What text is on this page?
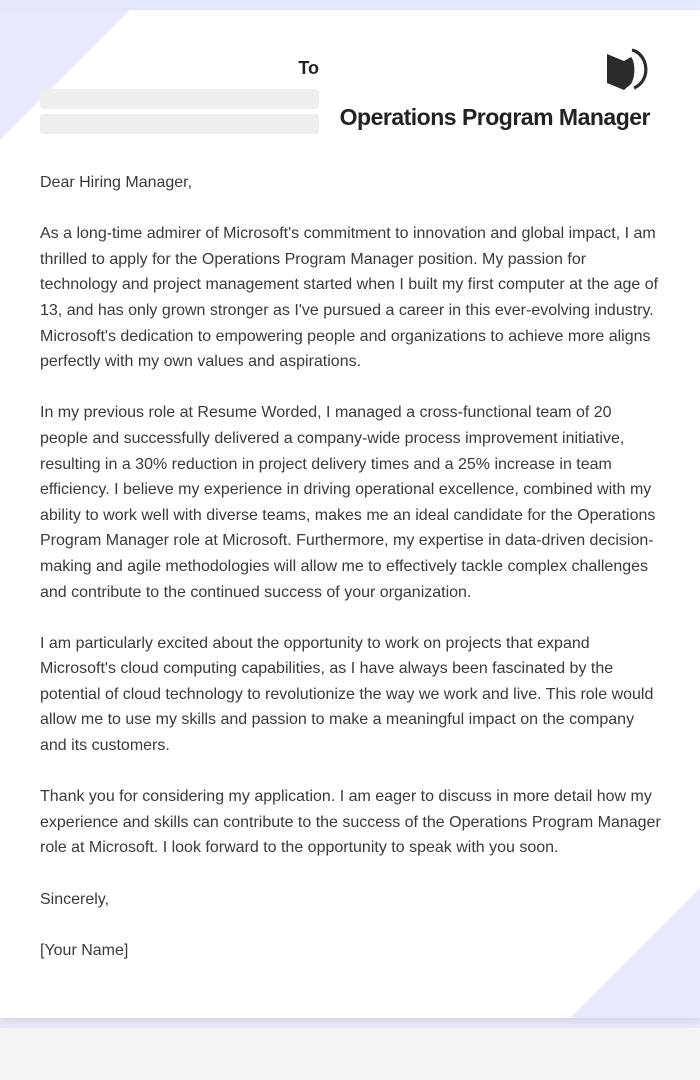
To
Operations Program Manager

Dear Hiring Manager,

As a long-time admirer of Microsoft's commitment to innovation and global impact, I am thrilled to apply for the Operations Program Manager position. My passion for technology and project management started when I built my first computer at the age of 13, and has only grown stronger as I've pursued a career in this ever-evolving industry. Microsoft's dedication to empowering people and organizations to achieve more aligns perfectly with my own values and aspirations.

In my previous role at Resume Worded, I managed a cross-functional team of 20 people and successfully delivered a company-wide process improvement initiative, resulting in a 30% reduction in project delivery times and a 25% increase in team efficiency. I believe my experience in driving operational excellence, combined with my ability to work well with diverse teams, makes me an ideal candidate for the Operations Program Manager role at Microsoft. Furthermore, my expertise in data-driven decision-making and agile methodologies will allow me to effectively tackle complex challenges and contribute to the continued success of your organization.

I am particularly excited about the opportunity to work on projects that expand Microsoft's cloud computing capabilities, as I have always been fascinated by the potential of cloud technology to revolutionize the way we work and live. This role would allow me to use my skills and passion to make a meaningful impact on the company and its customers.

Thank you for considering my application. I am eager to discuss in more detail how my experience and skills can contribute to the success of the Operations Program Manager role at Microsoft. I look forward to the opportunity to speak with you soon.

Sincerely,

[Your Name]
